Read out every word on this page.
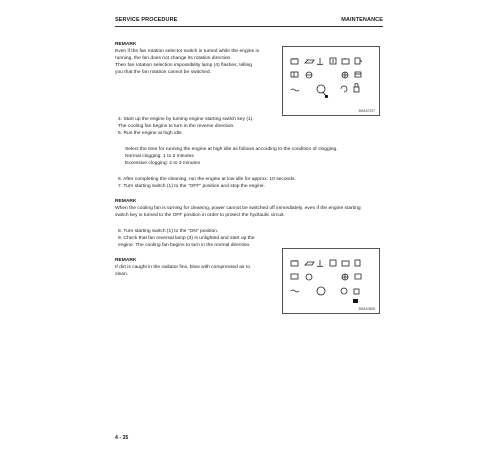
SERVICE PROCEDURE	MAINTENANCE
REMARK
Even if the fan rotation selector switch is turned while the engine is
running, the fan does not change its rotation direction.
Then fan rotation selection impossibility lamp (4) flashes, telling
you that the fan rotation cannot be switched.
BHA10707
4. Start up the engine by turning engine starting switch key (1).
The cooling fan begins to turn in the reverse direction.
5. Run the engine at high idle.
Select the time for running the engine at high idle as follows according to the condition of clogging.
Normal clogging: 1 to 2 minutes
Excessive clogging: 2 to 3 minutes
6. After completing the cleaning, run the engine at low idle for approx. 10 seconds.
7. Turn starting switch (1) to the "OFF" position and stop the engine.
REMARK
When the cooling fan is turning for cleaning, power cannot be switched off immediately, even if the engine starting
switch key is turned to the OFF position in order to protect the hydraulic circuit.
8. Turn starting switch (1) to the "ON" position.
9. Check that fan reversal lamp (3) is unlighted and start up the
engine. The cooling fan begins to turn in the normal direction.
REMARK
If dirt is caught in the radiator fins, blow with compressed air to
clean.
BHA10808
4 - 35
